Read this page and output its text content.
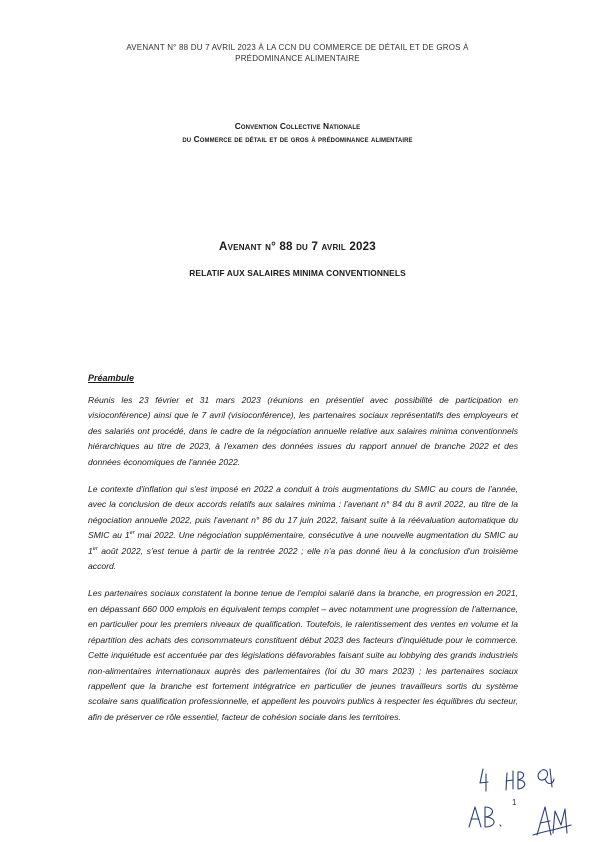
AVENANT N° 88 DU 7 AVRIL 2023 À LA CCN DU COMMERCE DE DÉTAIL ET DE GROS À
PRÉDOMINANCE ALIMENTAIRE
Convention Collective Nationale
du Commerce de détail et de gros à prédominance alimentaire
Avenant n° 88 du 7 avril 2023
RELATIF AUX SALAIRES MINIMA CONVENTIONNELS
Préambule

Réunis les 23 février et 31 mars 2023 (réunions en présentiel avec possibilité de participation en visioconférence) ainsi que le 7 avril (visioconférence), les partenaires sociaux représentatifs des employeurs et des salariés ont procédé, dans le cadre de la négociation annuelle relative aux salaires minima conventionnels hiérarchiques au titre de 2023, à l'examen des données issues du rapport annuel de branche 2022 et des données économiques de l'année 2022.

Le contexte d'inflation qui s'est imposé en 2022 a conduit à trois augmentations du SMIC au cours de l'année, avec la conclusion de deux accords relatifs aux salaires minima : l'avenant n° 84 du 8 avril 2022, au titre de la négociation annuelle 2022, puis l'avenant n° 86 du 17 juin 2022, faisant suite à la réévaluation automatique du SMIC au 1er mai 2022. Une négociation supplémentaire, consécutive à une nouvelle augmentation du SMIC au 1er août 2022, s'est tenue à partir de la rentrée 2022 ; elle n'a pas donné lieu à la conclusion d'un troisième accord.

Les partenaires sociaux constatent la bonne tenue de l'emploi salarié dans la branche, en progression en 2021, en dépassant 660 000 emplois en équivalent temps complet – avec notamment une progression de l'alternance, en particulier pour les premiers niveaux de qualification. Toutefois, le ralentissement des ventes en volume et la répartition des achats des consommateurs constituent début 2023 des facteurs d'inquiétude pour le commerce. Cette inquiétude est accentuée par des législations défavorables faisant suite au lobbying des grands industriels non-alimentaires internationaux auprès des parlementaires (loi du 30 mars 2023) ; les partenaires sociaux rappellent que la branche est fortement intégratrice en particulier de jeunes travailleurs sortis du système scolaire sans qualification professionnelle, et appellent les pouvoirs publics à respecter les équilibres du secteur, afin de préserver ce rôle essentiel, facteur de cohésion sociale dans les territoires.

1
